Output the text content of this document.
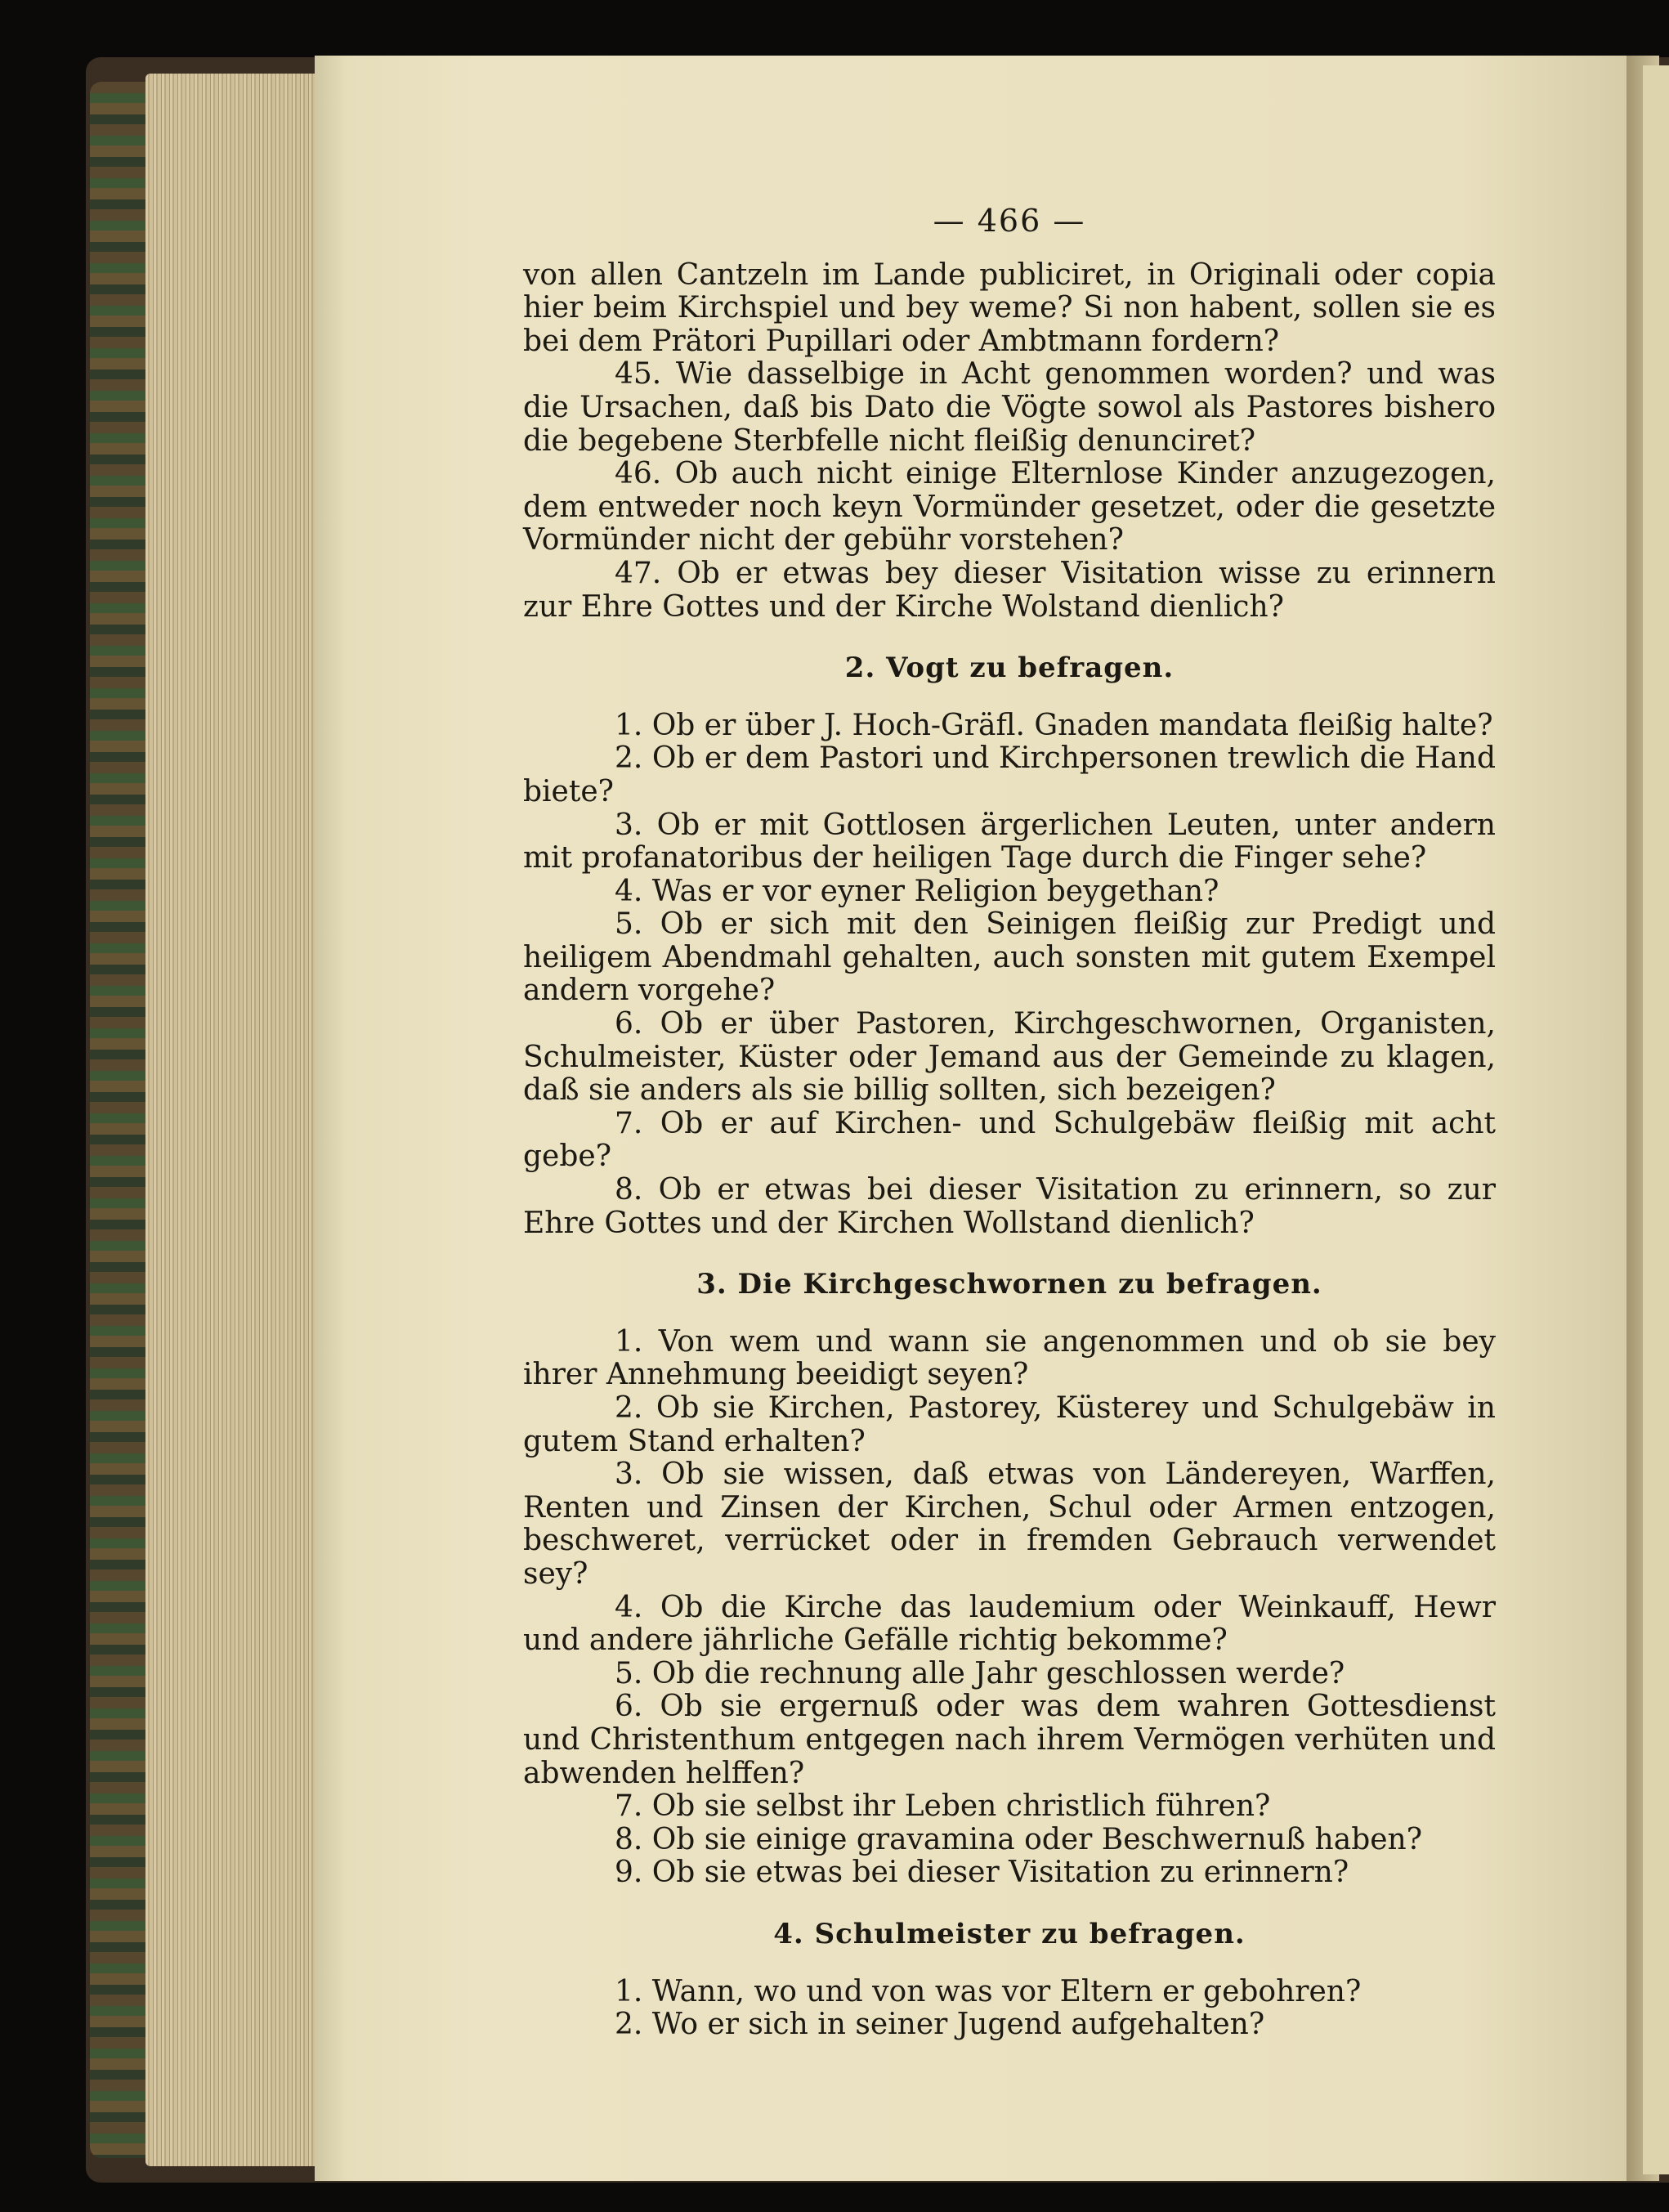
— 466 —

von allen Cantzeln im Lande publiciret, in Originali oder copia hier beim Kirchspiel und bey weme? Si non habent, sollen sie es bei dem Prätori Pupillari oder Ambtmann fordern?

45. Wie dasselbige in Acht genommen worden? und was die Ursachen, daß bis Dato die Vögte sowol als Pastores bishero die begebene Sterbfelle nicht fleißig denunciret?

46. Ob auch nicht einige Elternlose Kinder anzugezogen, dem entweder noch keyn Vormünder gesetzet, oder die gesetzte Vormünder nicht der gebühr vorstehen?

47. Ob er etwas bey dieser Visitation wisse zu erinnern zur Ehre Gottes und der Kirche Wolstand dienlich?

2. Vogt zu befragen.

1. Ob er über J. Hoch-Gräfl. Gnaden mandata fleißig halte?

2. Ob er dem Pastori und Kirchpersonen trewlich die Hand biete?

3. Ob er mit Gottlosen ärgerlichen Leuten, unter andern mit profanatoribus der heiligen Tage durch die Finger sehe?

4. Was er vor eyner Religion beygethan?

5. Ob er sich mit den Seinigen fleißig zur Predigt und heiligem Abendmahl gehalten, auch sonsten mit gutem Exempel andern vorgehe?

6. Ob er über Pastoren, Kirchgeschwornen, Organisten, Schulmeister, Küster oder Jemand aus der Gemeinde zu klagen, daß sie anders als sie billig sollten, sich bezeigen?

7. Ob er auf Kirchen- und Schulgebäw fleißig mit acht gebe?

8. Ob er etwas bei dieser Visitation zu erinnern, so zur Ehre Gottes und der Kirchen Wollstand dienlich?

3. Die Kirchgeschwornen zu befragen.

1. Von wem und wann sie angenommen und ob sie bey ihrer Annehmung beeidigt seyen?

2. Ob sie Kirchen, Pastorey, Küsterey und Schulgebäw in gutem Stand erhalten?

3. Ob sie wissen, daß etwas von Ländereyen, Warffen, Renten und Zinsen der Kirchen, Schul oder Armen entzogen, beschweret, verrücket oder in fremden Gebrauch verwendet sey?

4. Ob die Kirche das laudemium oder Weinkauff, Hewr und andere jährliche Gefälle richtig bekomme?

5. Ob die rechnung alle Jahr geschlossen werde?

6. Ob sie ergernuß oder was dem wahren Gottesdienst und Christenthum entgegen nach ihrem Vermögen verhüten und abwenden helffen?

7. Ob sie selbst ihr Leben christlich führen?

8. Ob sie einige gravamina oder Beschwernuß haben?

9. Ob sie etwas bei dieser Visitation zu erinnern?

4. Schulmeister zu befragen.

1. Wann, wo und von was vor Eltern er gebohren?

2. Wo er sich in seiner Jugend aufgehalten?
